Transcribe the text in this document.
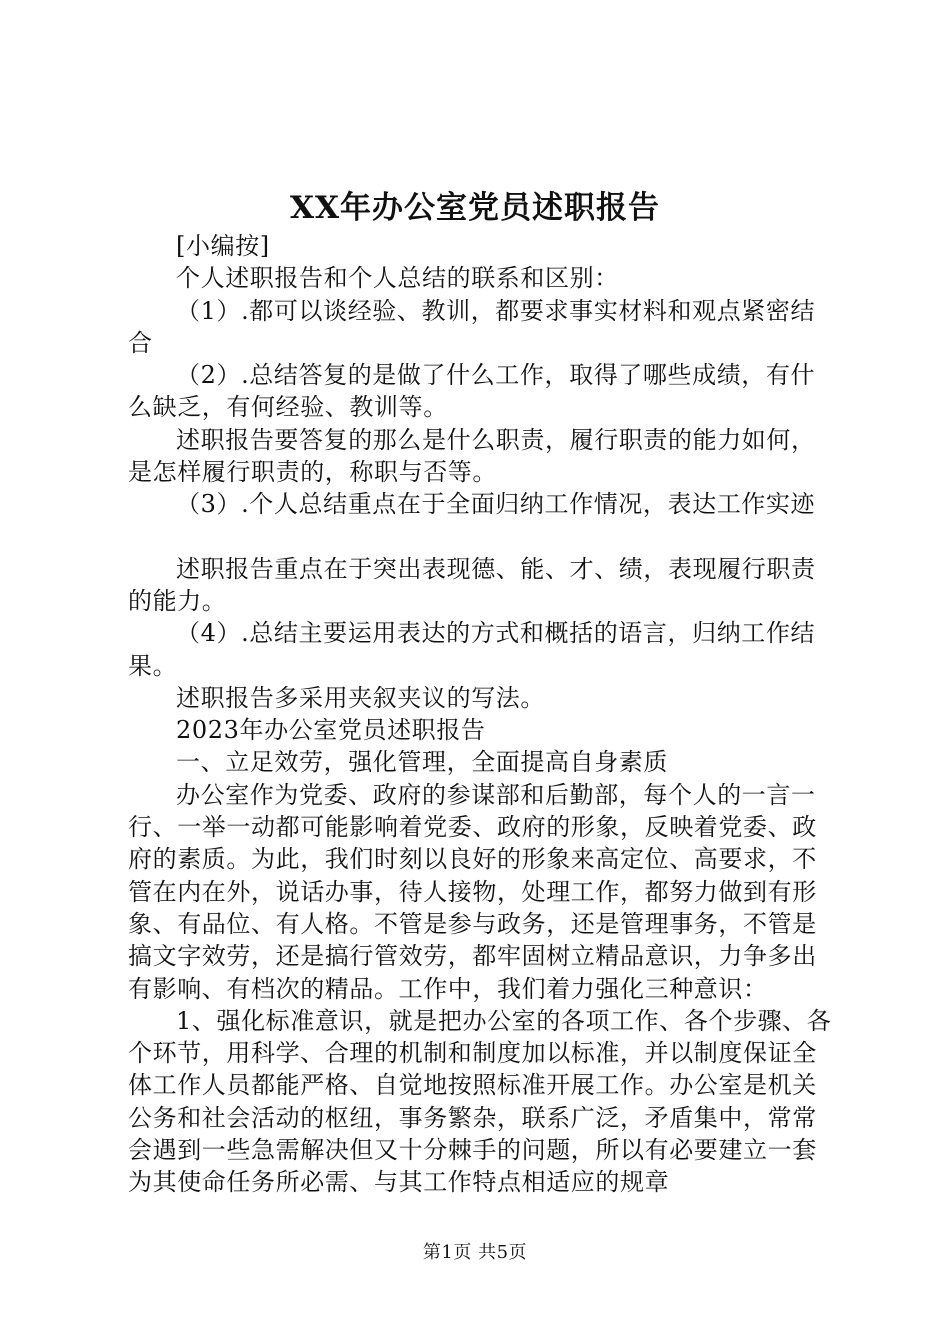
XX年办公室党员述职报告

[小编按]

个人述职报告和个人总结的联系和区别：

（1）.都可以谈经验、教训，都要求事实材料和观点紧密结合

（2）.总结答复的是做了什么工作，取得了哪些成绩，有什么缺乏，有何经验、教训等。

述职报告要答复的那么是什么职责，履行职责的能力如何，是怎样履行职责的，称职与否等。

（3）.个人总结重点在于全面归纳工作情况，表达工作实迹

述职报告重点在于突出表现德、能、才、绩，表现履行职责的能力。

（4）.总结主要运用表达的方式和概括的语言，归纳工作结果。

述职报告多采用夹叙夹议的写法。

2023年办公室党员述职报告

一、立足效劳，强化管理，全面提高自身素质

办公室作为党委、政府的参谋部和后勤部，每个人的一言一行、一举一动都可能影响着党委、政府的形象，反映着党委、政府的素质。为此，我们时刻以良好的形象来高定位、高要求，不管在内在外，说话办事，待人接物，处理工作，都努力做到有形象、有品位、有人格。不管是参与政务，还是管理事务，不管是搞文字效劳，还是搞行管效劳，都牢固树立精品意识，力争多出有影响、有档次的精品。工作中，我们着力强化三种意识：

1、强化标准意识，就是把办公室的各项工作、各个步骤、各个环节，用科学、合理的机制和制度加以标准，并以制度保证全体工作人员都能严格、自觉地按照标准开展工作。办公室是机关公务和社会活动的枢纽，事务繁杂，联系广泛，矛盾集中，常常会遇到一些急需解决但又十分棘手的问题，所以有必要建立一套为其使命任务所必需、与其工作特点相适应的规章

第1页 共5页
